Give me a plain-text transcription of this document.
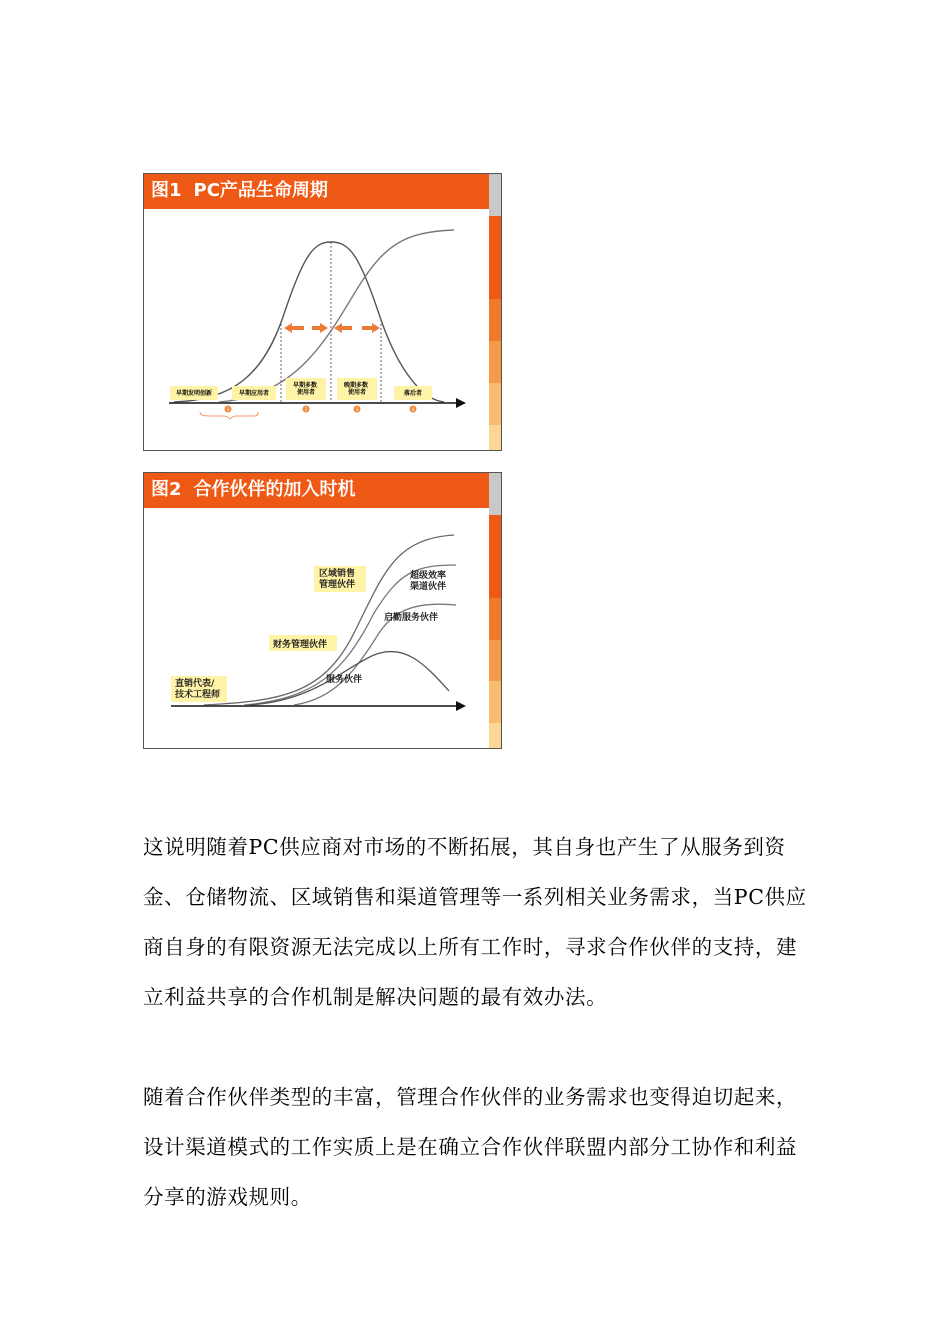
图1 PC产品生命周期
早期发明创新	早期应用者
早期多数 使用者
晚期多数 使用者	落后者
1	2	3	4
图2 合作伙伴的加入时机
区域销售管理伙伴
超级效率渠道伙伴
启勤服务伙伴
财务管理伙伴
服务伙伴
直销代表/技术工程师
这说明随着PC供应商对市场的不断拓展，其自身也产生了从服务到资金、仓储物流、区域销售和渠道管理等一系列相关业务需求，当PC供应商自身的有限资源无法完成以上所有工作时，寻求合作伙伴的支持，建立利益共享的合作机制是解决问题的最有效办法。
随着合作伙伴类型的丰富，管理合作伙伴的业务需求也变得迫切起来，设计渠道模式的工作实质上是在确立合作伙伴联盟内部分工协作和利益分享的游戏规则。
